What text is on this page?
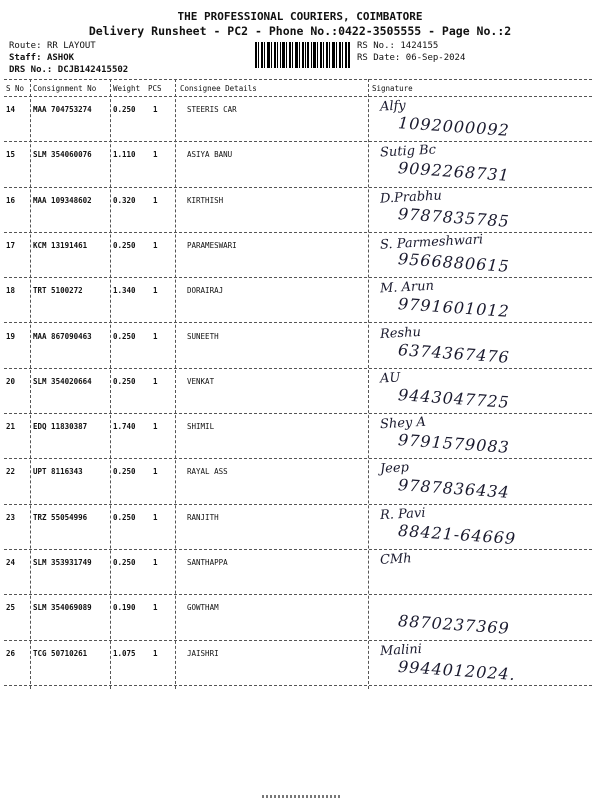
THE PROFESSIONAL COURIERS, COIMBATORE
Delivery Runsheet - PC2 - Phone No.:0422-3505555 - Page No.:2
Route: RR LAYOUT
Staff: ASHOK
DRS No.: DCJB142415502
RS No.: 1424155
RS Date: 06-Sep-2024
S No Consignment No Weight PCS Consignee Details	Signature
14 MAA 704753274	0.250 1	STEERIS CAR	Alfy
1092000092
15 SLM 354060076	1.110 1	ASIYA BANU	Sutig Bc
9092268731
16 MAA 109348602	0.320 1	KIRTHISH	D.Prabhu
9787835785
17 KCM 13191461	0.250 1	PARAMESWARI	S. Parmeshwari
9566880615
18 TRT 5100272	1.340 1	DORAIRAJ	M. Arun
9791601012
19 MAA 867090463	0.250 1	SUNEETH	Reshu
6374367476
20 SLM 354020664	0.250 1	VENKAT	AU
9443047725
21 EDQ 11830387	1.740 1	SHIMIL	Shey A
9791579083
22 UPT 8116343	0.250 1	RAYAL ASS	Jeep
9787836434
23 TRZ 55054996	0.250 1	RANJITH	R. Pavi
88421-64669
24 SLM 353931749	0.250 1	SANTHAPPA	CMh
25 SLM 354069089	0.190 1	GOWTHAM
8870237369
26 TCG 50710261	1.075 1	JAISHRI	Malini
9944012024.
